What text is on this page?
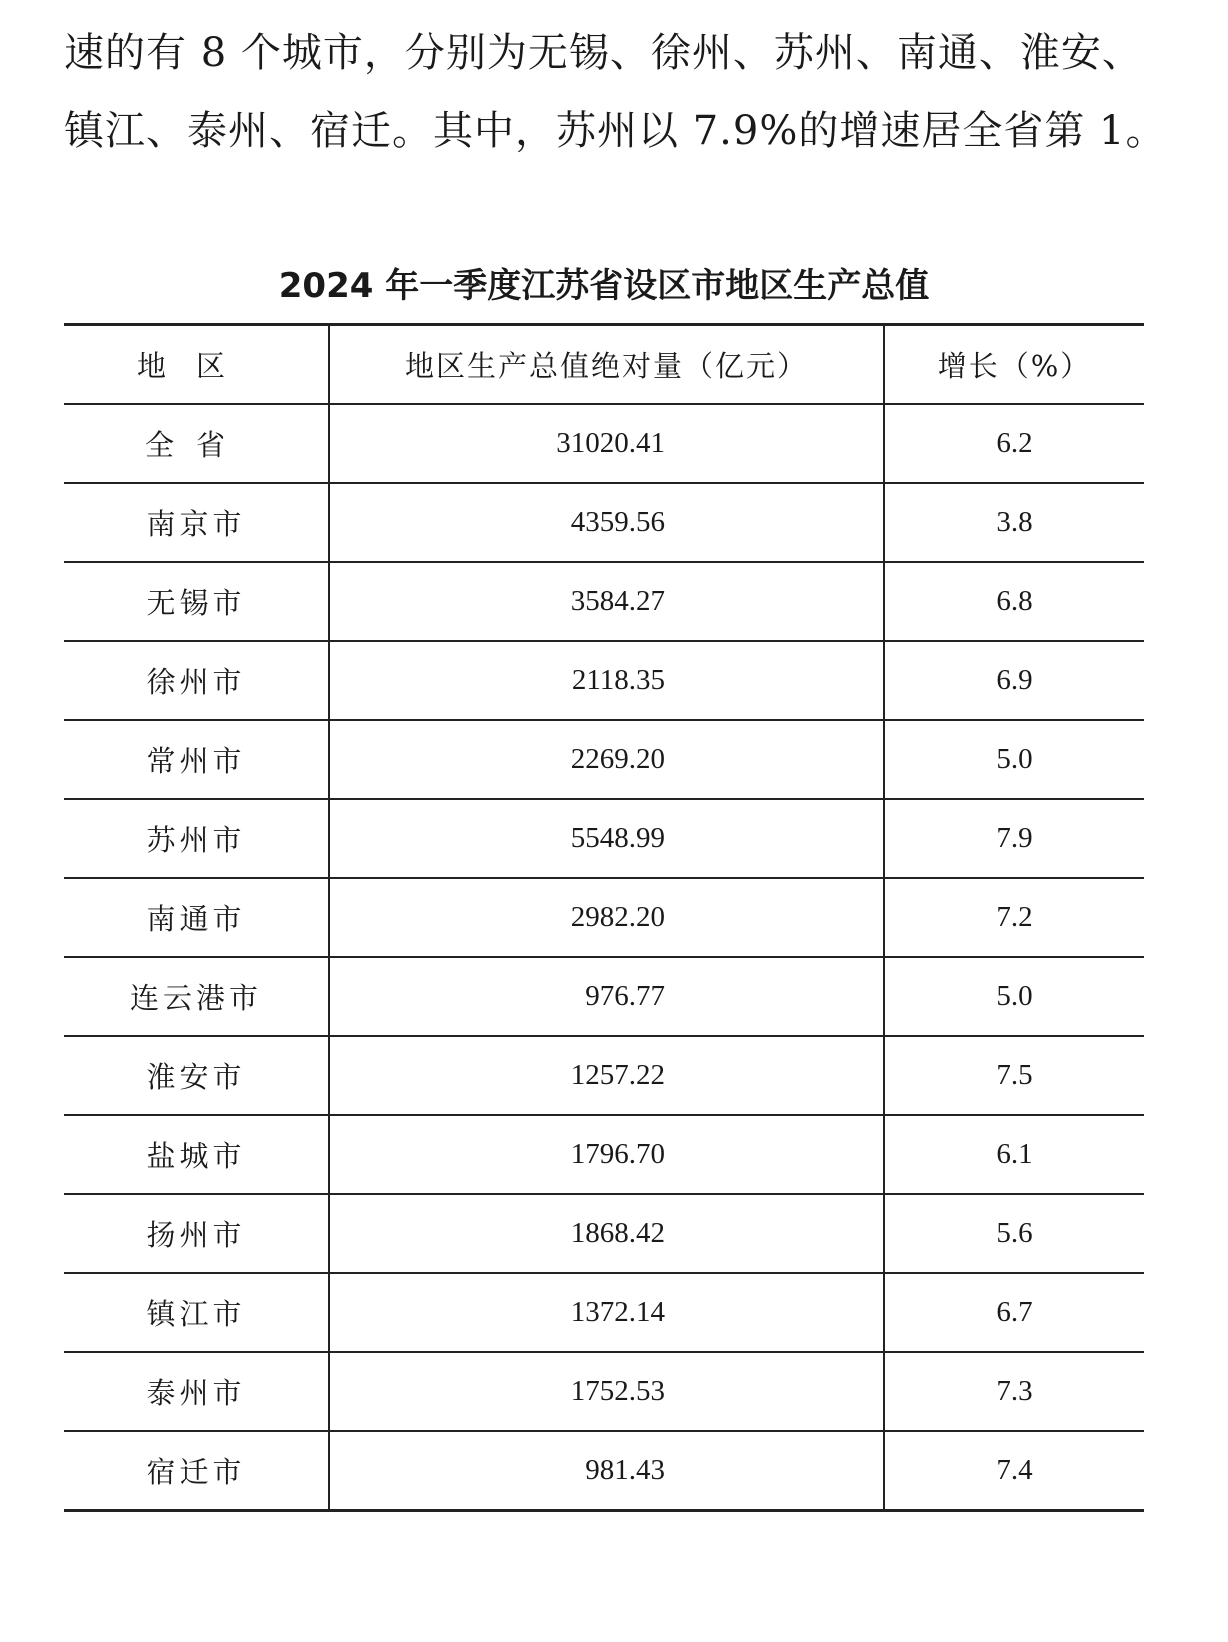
速的有 8 个城市，分别为无锡、徐州、苏州、南通、淮安、镇江、泰州、宿迁。其中，苏州以 7.9%的增速居全省第 1。

2024 年一季度江苏省设区市地区生产总值
地区	地区生产总值绝对量（亿元）	增长（%）
全省	31020.41	6.2
南京市	4359.56	3.8
无锡市	3584.27	6.8
徐州市	2118.35	6.9
常州市	2269.20	5.0
苏州市	5548.99	7.9
南通市	2982.20	7.2
连云港市	976.77	5.0
淮安市	1257.22	7.5
盐城市	1796.70	6.1
扬州市	1868.42	5.6
镇江市	1372.14	6.7
泰州市	1752.53	7.3
宿迁市	981.43	7.4
